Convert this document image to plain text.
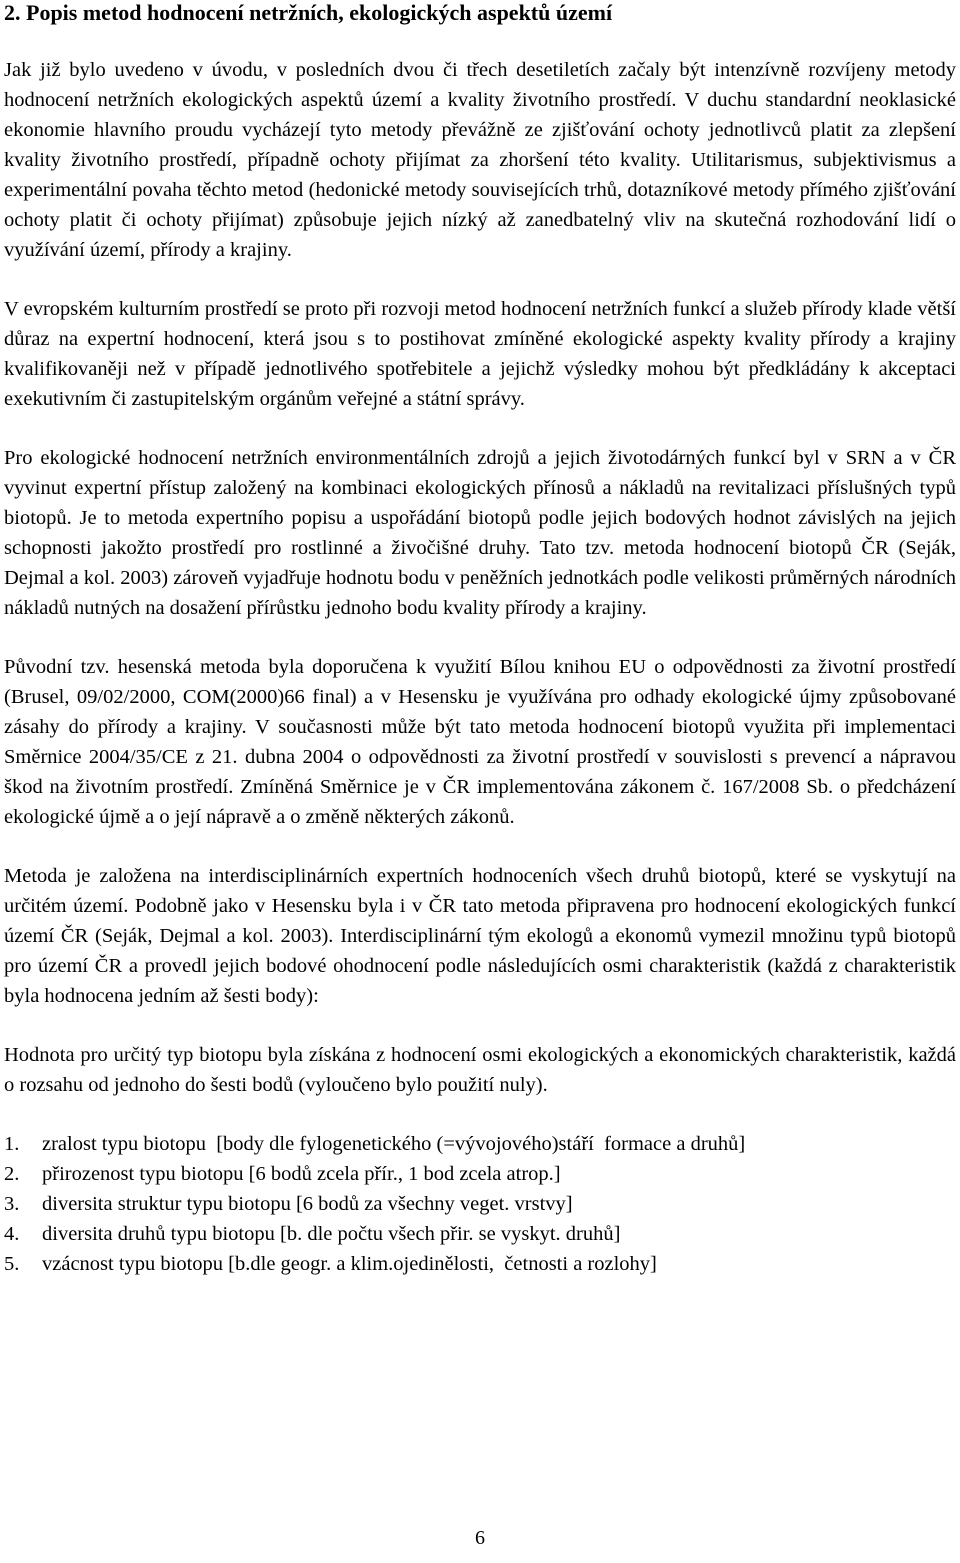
2. Popis metod hodnocení netržních, ekologických aspektů území

Jak již bylo uvedeno v úvodu, v posledních dvou či třech desetiletích začaly být intenzívně rozvíjeny metody hodnocení netržních ekologických aspektů území a kvality životního prostředí. V duchu standardní neoklasické ekonomie hlavního proudu vycházejí tyto metody převážně ze zjišťování ochoty jednotlivců platit za zlepšení kvality životního prostředí, případně ochoty přijímat za zhoršení této kvality. Utilitarismus, subjektivismus a experimentální povaha těchto metod (hedonické metody souvisejících trhů, dotazníkové metody přímého zjišťování ochoty platit či ochoty přijímat) způsobuje jejich nízký až zanedbatelný vliv na skutečná rozhodování lidí o využívání území, přírody a krajiny.

V evropském kulturním prostředí se proto při rozvoji metod hodnocení netržních funkcí a služeb přírody klade větší důraz na expertní hodnocení, která jsou s to postihovat zmíněné ekologické aspekty kvality přírody a krajiny kvalifikovaněji než v případě jednotlivého spotřebitele a jejichž výsledky mohou být předkládány k akceptaci exekutivním či zastupitelským orgánům veřejné a státní správy.

Pro ekologické hodnocení netržních environmentálních zdrojů a jejich životodárných funkcí byl v SRN a v ČR vyvinut expertní přístup založený na kombinaci ekologických přínosů a nákladů na revitalizaci příslušných typů biotopů. Je to metoda expertního popisu a uspořádání biotopů podle jejich bodových hodnot závislých na jejich schopnosti jakožto prostředí pro rostlinné a živočišné druhy. Tato tzv. metoda hodnocení biotopů ČR (Seják, Dejmal a kol. 2003) zároveň vyjadřuje hodnotu bodu v peněžních jednotkách podle velikosti průměrných národních nákladů nutných na dosažení přírůstku jednoho bodu kvality přírody a krajiny.

Původní tzv. hesenská metoda byla doporučena k využití Bílou knihou EU o odpovědnosti za životní prostředí (Brusel, 09/02/2000, COM(2000)66 final) a v Hesensku je využívána pro odhady ekologické újmy způsobované zásahy do přírody a krajiny. V současnosti může být tato metoda hodnocení biotopů využita při implementaci Směrnice 2004/35/CE z 21. dubna 2004 o odpovědnosti za životní prostředí v souvislosti s prevencí a nápravou škod na životním prostředí. Zmíněná Směrnice je v ČR implementována zákonem č. 167/2008 Sb. o předcházení ekologické újmě a o její nápravě a o změně některých zákonů.

Metoda je založena na interdisciplinárních expertních hodnoceních všech druhů biotopů, které se vyskytují na určitém území. Podobně jako v Hesensku byla i v ČR tato metoda připravena pro hodnocení ekologických funkcí území ČR (Seják, Dejmal a kol. 2003). Interdisciplinární tým ekologů a ekonomů vymezil množinu typů biotopů pro území ČR a provedl jejich bodové ohodnocení podle následujících osmi charakteristik (každá z charakteristik byla hodnocena jedním až šesti body):

Hodnota pro určitý typ biotopu byla získána z hodnocení osmi ekologických a ekonomických charakteristik, každá o rozsahu od jednoho do šesti bodů (vyloučeno bylo použití nuly).

1.	zralost typu biotopu  [body dle fylogenetického (=vývojového)stáří  formace a druhů]
2.	přirozenost typu biotopu [6 bodů zcela přír., 1 bod zcela atrop.]
3.	diversita struktur typu biotopu [6 bodů za všechny veget. vrstvy]
4.	diversita druhů typu biotopu [b. dle počtu všech přir. se vyskyt. druhů]
5.	vzácnost typu biotopu [b.dle geogr. a klim.ojedinělosti,  četnosti a rozlohy]
6
